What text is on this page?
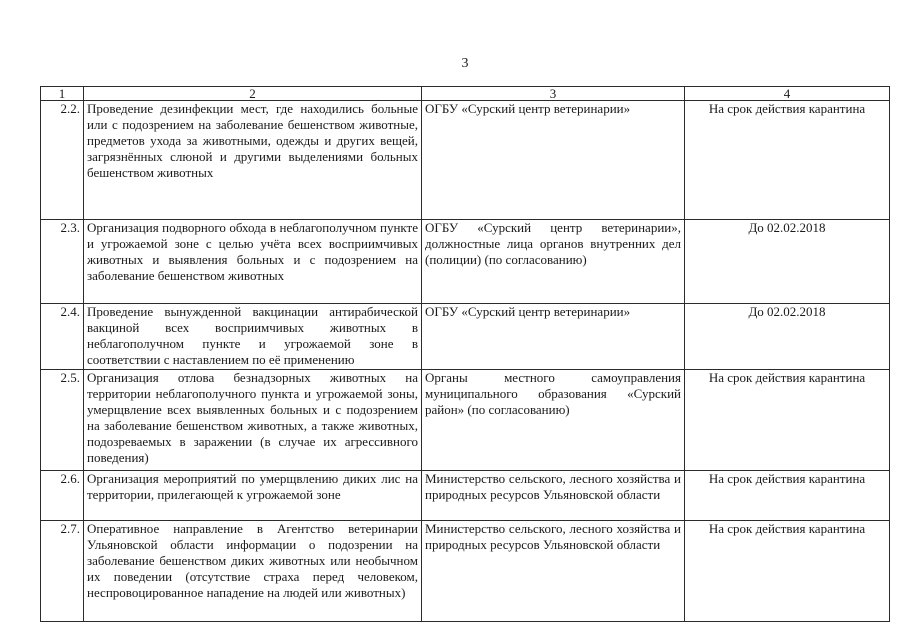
3
1	2	3	4
2.2.	Проведение дезинфекции мест, где находились больные или с подозрением на заболевание бешенством животные, предметов ухода за животными, одежды и других вещей, загрязнённых слюной и другими выделениями больных бешенством животных	ОГБУ «Сурский центр ветеринарии»	На срок действия карантина
2.3.	Организация подворного обхода в неблагополучном пункте и угрожаемой зоне с целью учёта всех восприимчивых животных и выявления больных и с подозрением на заболевание бешенством животных	ОГБУ «Сурский центр ветеринарии», должностные лица органов внутренних дел (полиции) (по согласованию)	До 02.02.2018
2.4.	Проведение вынужденной вакцинации антирабической вакциной всех восприимчивых животных в неблагополучном пункте и угрожаемой зоне в соответствии с наставлением по её применению	ОГБУ «Сурский центр ветеринарии»	До 02.02.2018
2.5.	Организация отлова безнадзорных животных на территории неблагополучного пункта и угрожаемой зоны, умерщвление всех выявленных больных и с подозрением на заболевание бешенством животных, а также животных, подозреваемых в заражении (в случае их агрессивного поведения)	Органы местного самоуправления муниципального образования «Сурский район» (по согласованию)	На срок действия карантина
2.6.	Организация мероприятий по умерщвлению диких лис на территории, прилегающей к угрожаемой зоне	Министерство сельского, лесного хозяйства и природных ресурсов Ульяновской области	На срок действия карантина
2.7.	Оперативное направление в Агентство ветеринарии Ульяновской области информации о подозрении на заболевание бешенством диких животных или необычном их поведении (отсутствие страха перед человеком, неспровоцированное нападение на людей или животных)	Министерство сельского, лесного хозяйства и природных ресурсов Ульяновской области	На срок действия карантина
